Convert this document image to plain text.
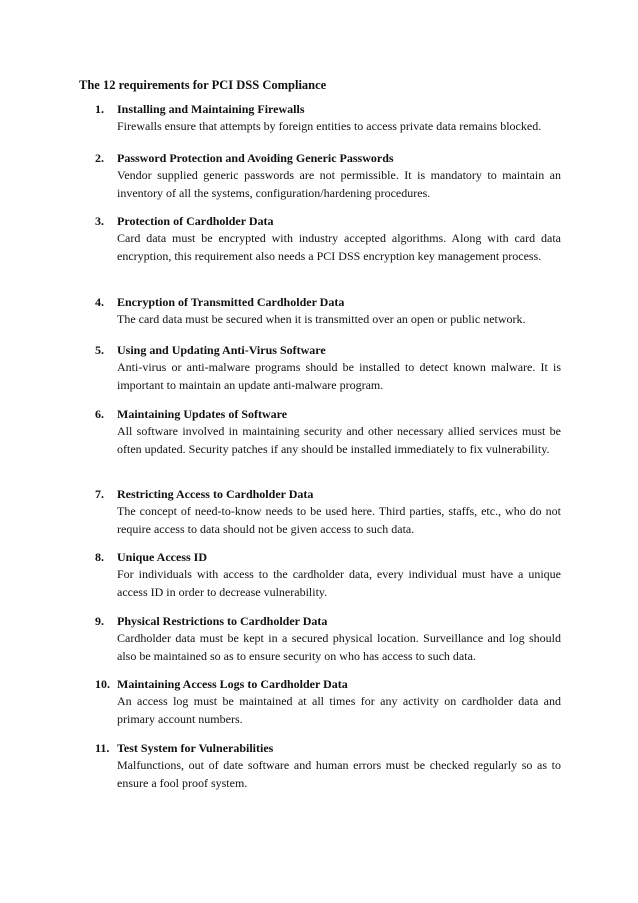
The 12 requirements for PCI DSS Compliance
1. Installing and Maintaining Firewalls
Firewalls ensure that attempts by foreign entities to access private data remains blocked.
2. Password Protection and Avoiding Generic Passwords
Vendor supplied generic passwords are not permissible. It is mandatory to maintain an inventory of all the systems, configuration/hardening procedures.
3. Protection of Cardholder Data
Card data must be encrypted with industry accepted algorithms. Along with card data encryption, this requirement also needs a PCI DSS encryption key management process.
4. Encryption of Transmitted Cardholder Data
The card data must be secured when it is transmitted over an open or public network.
5. Using and Updating Anti-Virus Software
Anti-virus or anti-malware programs should be installed to detect known malware. It is important to maintain an update anti-malware program.
6. Maintaining Updates of Software
All software involved in maintaining security and other necessary allied services must be often updated. Security patches if any should be installed immediately to fix vulnerability.
7. Restricting Access to Cardholder Data
The concept of need-to-know needs to be used here. Third parties, staffs, etc., who do not require access to data should not be given access to such data.
8. Unique Access ID
For individuals with access to the cardholder data, every individual must have a unique access ID in order to decrease vulnerability.
9. Physical Restrictions to Cardholder Data
Cardholder data must be kept in a secured physical location. Surveillance and log should also be maintained so as to ensure security on who has access to such data.
10. Maintaining Access Logs to Cardholder Data
An access log must be maintained at all times for any activity on cardholder data and primary account numbers.
11. Test System for Vulnerabilities
Malfunctions, out of date software and human errors must be checked regularly so as to ensure a fool proof system.
